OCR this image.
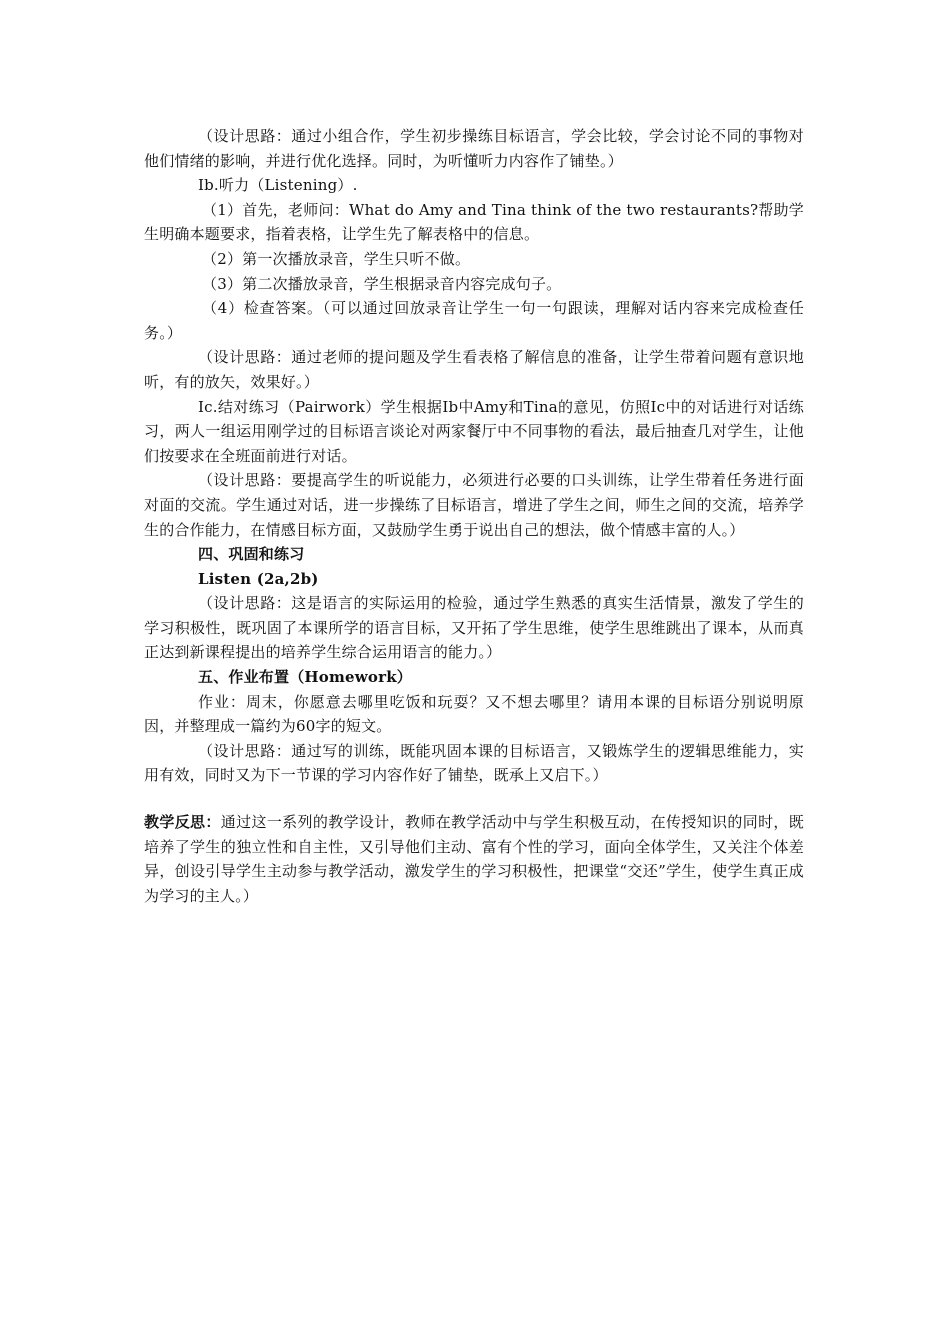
（设计思路：通过小组合作，学生初步操练目标语言，学会比较，学会讨论不同的事物对他们情绪的影响，并进行优化选择。同时，为听懂听力内容作了铺垫。）

Ib.听力（Listening）.

（1）首先，老师问：What do Amy and Tina think of the two restaurants?帮助学生明确本题要求，指着表格，让学生先了解表格中的信息。

（2）第一次播放录音，学生只听不做。

（3）第二次播放录音，学生根据录音内容完成句子。

（4）检查答案。（可以通过回放录音让学生一句一句跟读，理解对话内容来完成检查任务。）

（设计思路：通过老师的提问题及学生看表格了解信息的准备，让学生带着问题有意识地听，有的放矢，效果好。）

Ic.结对练习（Pairwork）学生根据Ib中Amy和Tina的意见，仿照Ic中的对话进行对话练习，两人一组运用刚学过的目标语言谈论对两家餐厅中不同事物的看法，最后抽查几对学生，让他们按要求在全班面前进行对话。

（设计思路：要提高学生的听说能力，必须进行必要的口头训练，让学生带着任务进行面对面的交流。学生通过对话，进一步操练了目标语言，增进了学生之间，师生之间的交流，培养学生的合作能力，在情感目标方面，又鼓励学生勇于说出自己的想法，做个情感丰富的人。）

四、巩固和练习

Listen (2a,2b)

（设计思路：这是语言的实际运用的检验，通过学生熟悉的真实生活情景，激发了学生的学习积极性，既巩固了本课所学的语言目标，又开拓了学生思维，使学生思维跳出了课本，从而真正达到新课程提出的培养学生综合运用语言的能力。）

五、作业布置（Homework）

作业：周末，你愿意去哪里吃饭和玩耍？又不想去哪里？请用本课的目标语分别说明原因，并整理成一篇约为60字的短文。

（设计思路：通过写的训练，既能巩固本课的目标语言，又锻炼学生的逻辑思维能力，实用有效，同时又为下一节课的学习内容作好了铺垫，既承上又启下。）

教学反思：通过这一系列的教学设计，教师在教学活动中与学生积极互动，在传授知识的同时，既培养了学生的独立性和自主性，又引导他们主动、富有个性的学习，面向全体学生，又关注个体差异，创设引导学生主动参与教学活动，激发学生的学习积极性，把课堂“交还”学生，使学生真正成为学习的主人。）
